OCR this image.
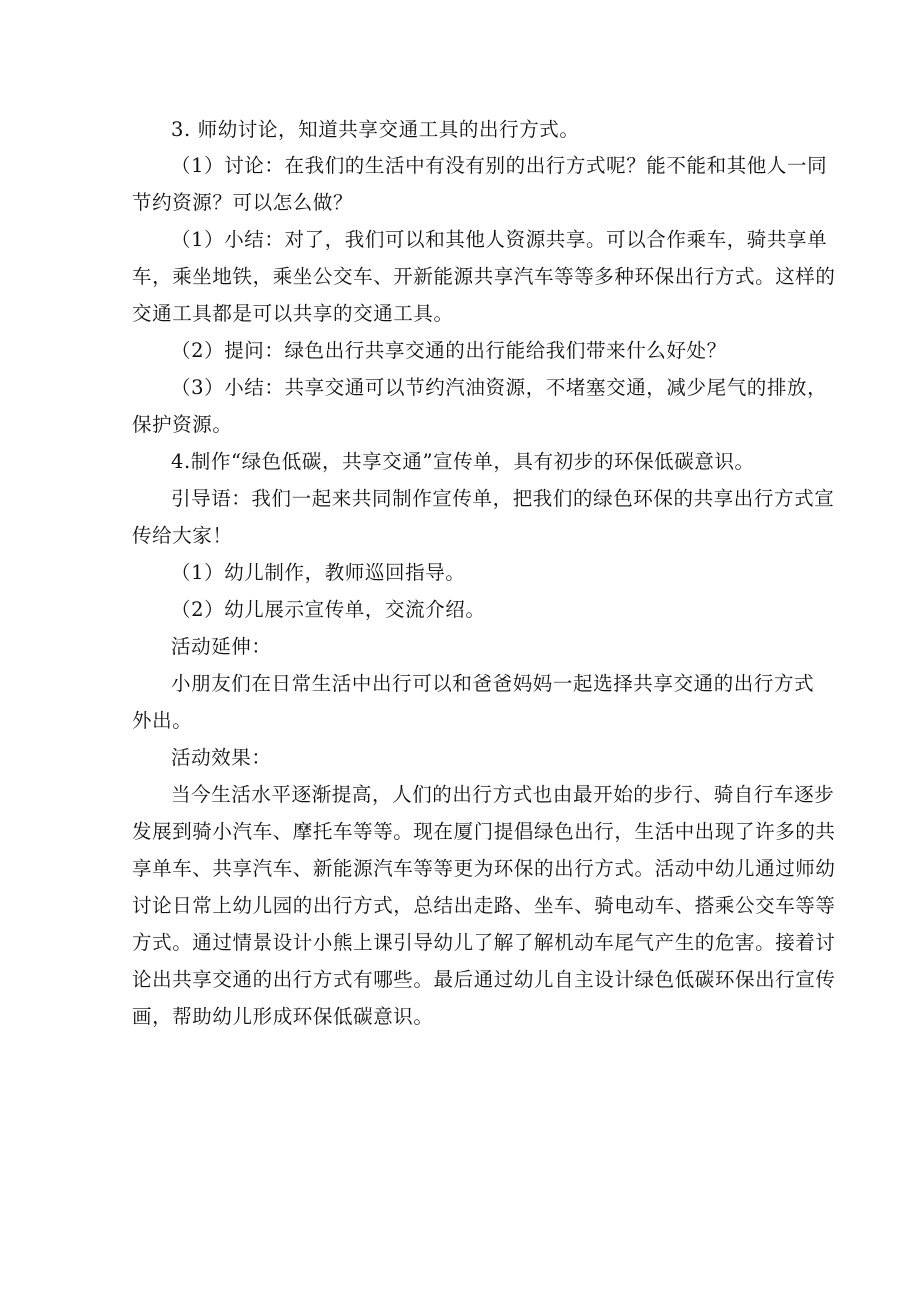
3. 师幼讨论，知道共享交通工具的出行方式。
（1）讨论：在我们的生活中有没有别的出行方式呢？能不能和其他人一同
节约资源？可以怎么做？
（1）小结：对了，我们可以和其他人资源共享。可以合作乘车，骑共享单
车，乘坐地铁，乘坐公交车、开新能源共享汽车等等多种环保出行方式。这样的
交通工具都是可以共享的交通工具。
（2）提问：绿色出行共享交通的出行能给我们带来什么好处？
（3）小结：共享交通可以节约汽油资源，不堵塞交通，减少尾气的排放，
保护资源。
4.制作“绿色低碳，共享交通”宣传单，具有初步的环保低碳意识。
引导语：我们一起来共同制作宣传单，把我们的绿色环保的共享出行方式宣
传给大家！
（1）幼儿制作，教师巡回指导。
（2）幼儿展示宣传单，交流介绍。
活动延伸：
小朋友们在日常生活中出行可以和爸爸妈妈一起选择共享交通的出行方式
外出。
活动效果：
当今生活水平逐渐提高，人们的出行方式也由最开始的步行、骑自行车逐步
发展到骑小汽车、摩托车等等。现在厦门提倡绿色出行，生活中出现了许多的共
享单车、共享汽车、新能源汽车等等更为环保的出行方式。活动中幼儿通过师幼
讨论日常上幼儿园的出行方式，总结出走路、坐车、骑电动车、搭乘公交车等等
方式。通过情景设计小熊上课引导幼儿了解了解机动车尾气产生的危害。接着讨
论出共享交通的出行方式有哪些。最后通过幼儿自主设计绿色低碳环保出行宣传
画，帮助幼儿形成环保低碳意识。
